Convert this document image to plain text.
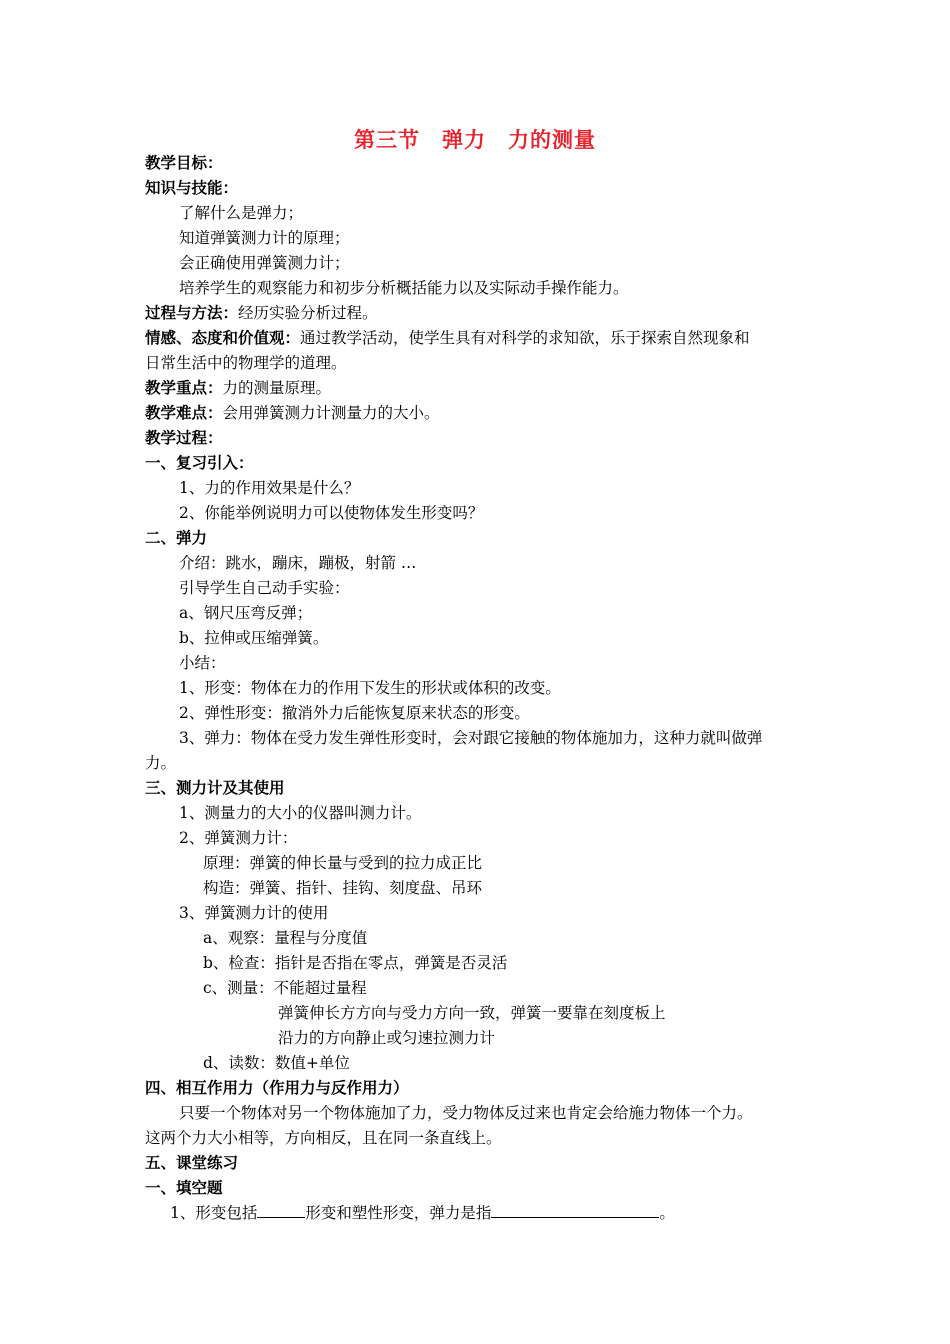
第三节　弹力　力的测量
教学目标：
知识与技能：
了解什么是弹力；
知道弹簧测力计的原理；
会正确使用弹簧测力计；
培养学生的观察能力和初步分析概括能力以及实际动手操作能力。
过程与方法：经历实验分析过程。
情感、态度和价值观：通过教学活动，使学生具有对科学的求知欲，乐于探索自然现象和
日常生活中的物理学的道理。
教学重点：力的测量原理。
教学难点：会用弹簧测力计测量力的大小。
教学过程：
一、复习引入：
1、力的作用效果是什么？
2、你能举例说明力可以使物体发生形变吗？
二、弹力
介绍：跳水，蹦床，蹦极，射箭 …
引导学生自己动手实验：
a、钢尺压弯反弹；
b、拉伸或压缩弹簧。
小结：
1、形变：物体在力的作用下发生的形状或体积的改变。
2、弹性形变：撤消外力后能恢复原来状态的形变。
3、弹力：物体在受力发生弹性形变时，会对跟它接触的物体施加力，这种力就叫做弹
力。
三、测力计及其使用
1、测量力的大小的仪器叫测力计。
2、弹簧测力计：
原理：弹簧的伸长量与受到的拉力成正比
构造：弹簧、指针、挂钩、刻度盘、吊环
3、弹簧测力计的使用
a、观察：量程与分度值
b、检查：指针是否指在零点，弹簧是否灵活
c、测量：不能超过量程
弹簧伸长方方向与受力方向一致，弹簧一要靠在刻度板上
沿力的方向静止或匀速拉测力计
d、读数：数值+单位
四、相互作用力（作用力与反作用力）
只要一个物体对另一个物体施加了力，受力物体反过来也肯定会给施力物体一个力。
这两个力大小相等，方向相反，且在同一条直线上。
五、课堂练习
一、填空题
1、形变包括	形变和塑性形变，弹力是指	。
